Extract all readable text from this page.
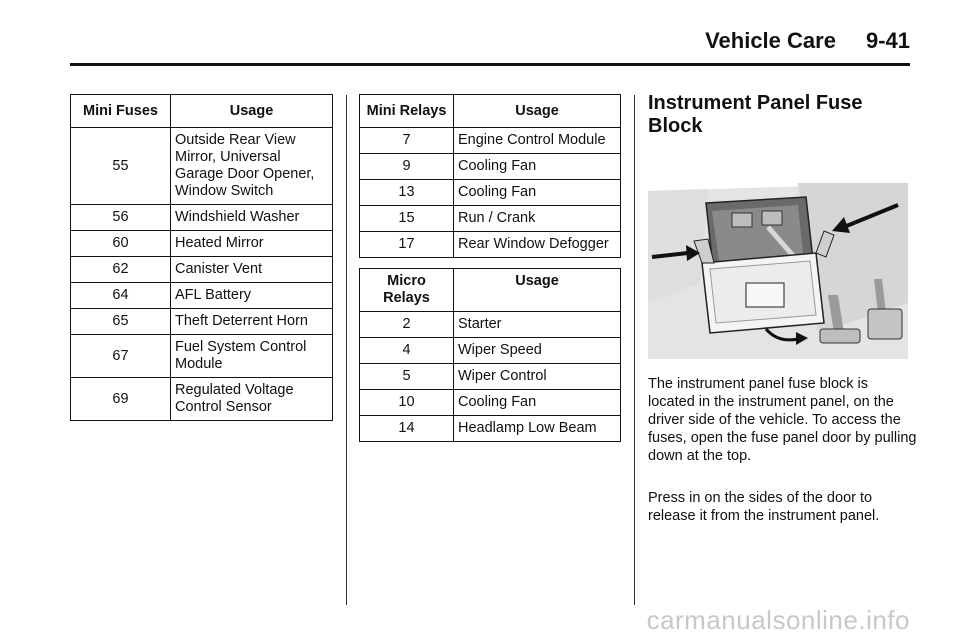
Vehicle Care 9-41
Mini Fuses	Usage
55	Outside Rear View Mirror, Universal Garage Door Opener, Window Switch
56	Windshield Washer
60	Heated Mirror
62	Canister Vent
64	AFL Battery
65	Theft Deterrent Horn
67	Fuel System Control Module
69	Regulated Voltage Control Sensor
Mini Relays	Usage
7	Engine Control Module
9	Cooling Fan
13	Cooling Fan
15	Run / Crank
17	Rear Window Defogger

Micro Relays	Usage
2	Starter
4	Wiper Speed
5	Wiper Control
10	Cooling Fan
14	Headlamp Low Beam
Instrument Panel Fuse Block
The instrument panel fuse block is located in the instrument panel, on the driver side of the vehicle. To access the fuses, open the fuse panel door by pulling down at the top.
Press in on the sides of the door to release it from the instrument panel.
carmanualsonline.info
